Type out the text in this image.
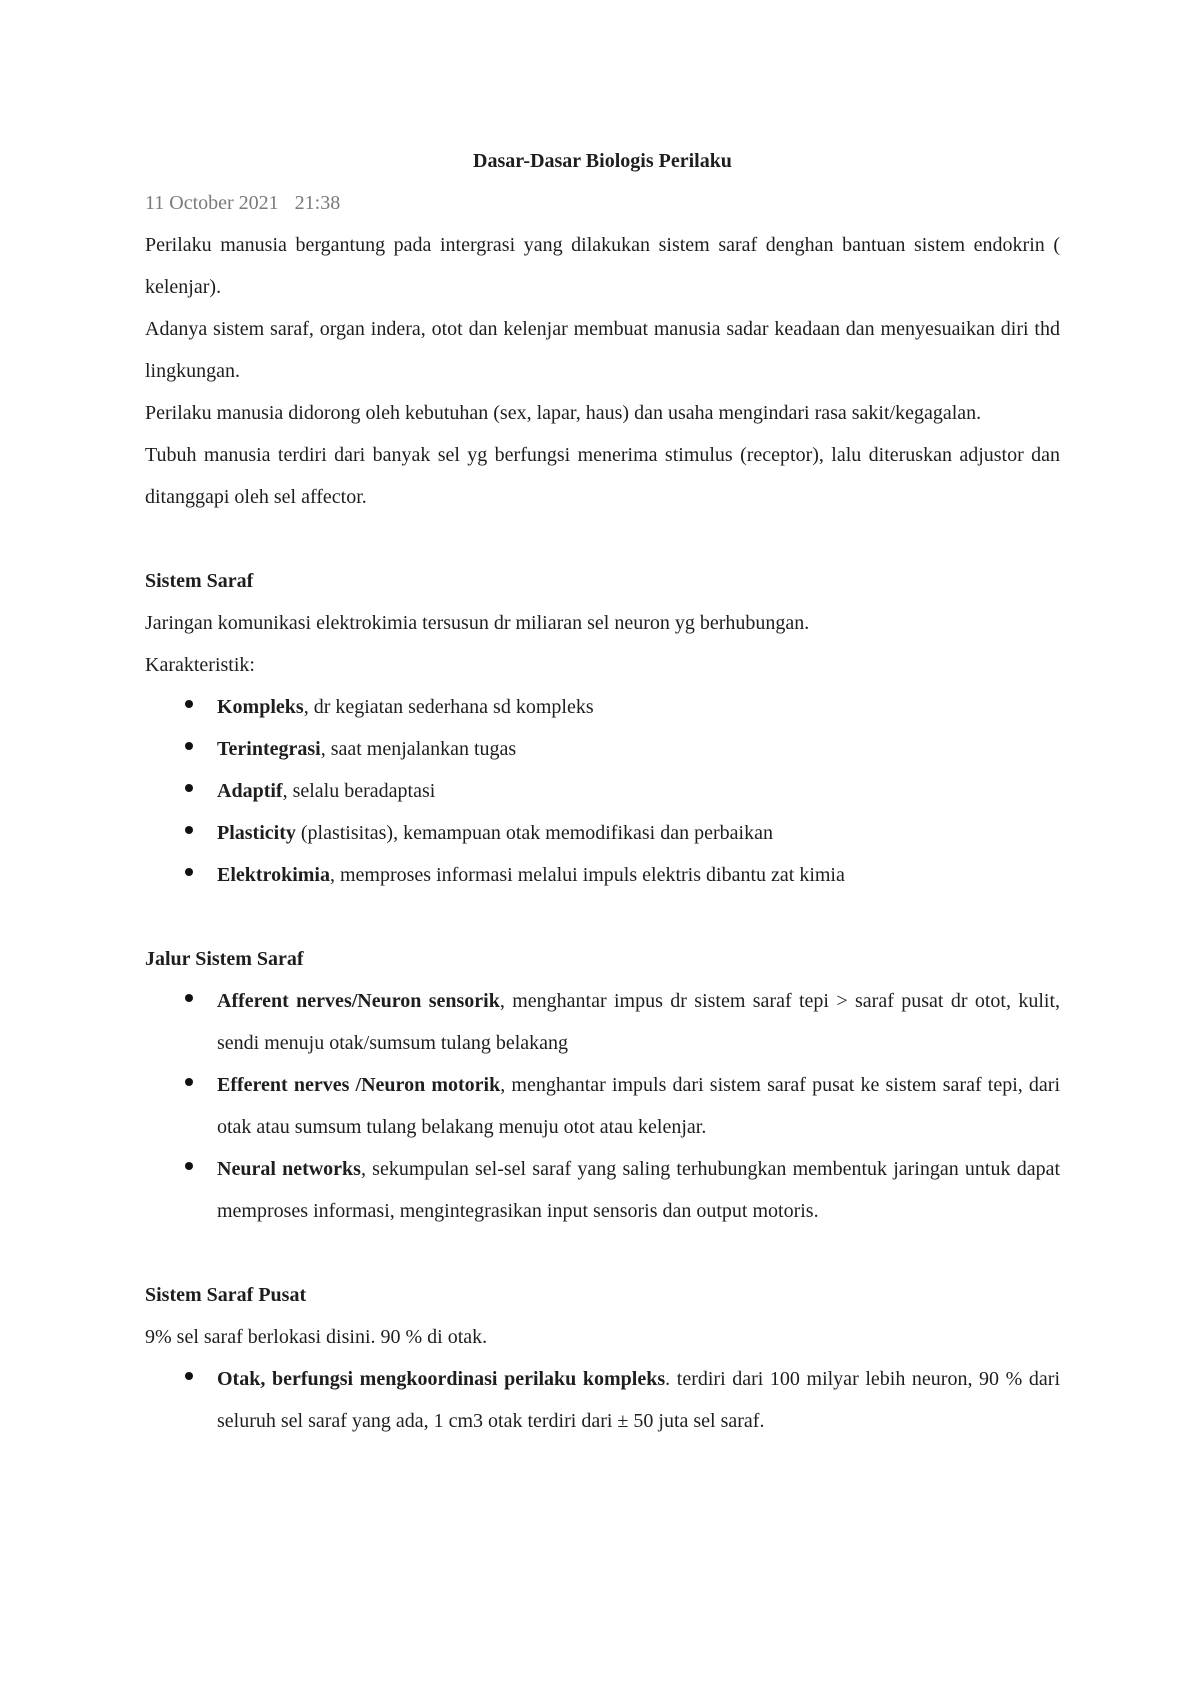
Dasar-Dasar Biologis Perilaku
11 October 2021 21:38

Perilaku manusia bergantung pada intergrasi yang dilakukan sistem saraf denghan bantuan sistem endokrin ( kelenjar).

Adanya sistem saraf, organ indera, otot dan kelenjar membuat manusia sadar keadaan dan menyesuaikan diri thd lingkungan.

Perilaku manusia didorong oleh kebutuhan (sex, lapar, haus) dan usaha mengindari rasa sakit/kegagalan.

Tubuh manusia terdiri dari banyak sel yg berfungsi menerima stimulus (receptor), lalu diteruskan adjustor dan ditanggapi oleh sel affector.

Sistem Saraf

Jaringan komunikasi elektrokimia tersusun dr miliaran sel neuron yg berhubungan.

Karakteristik:

Kompleks, dr kegiatan sederhana sd kompleks
Terintegrasi, saat menjalankan tugas
Adaptif, selalu beradaptasi
Plasticity (plastisitas), kemampuan otak memodifikasi dan perbaikan
Elektrokimia, memproses informasi melalui impuls elektris dibantu zat kimia
Jalur Sistem Saraf
Afferent nerves/Neuron sensorik, menghantar impus dr sistem saraf tepi > saraf pusat dr otot, kulit, sendi menuju otak/sumsum tulang belakang
Efferent nerves /Neuron motorik, menghantar impuls dari sistem saraf pusat ke sistem saraf tepi, dari otak atau sumsum tulang belakang menuju otot atau kelenjar.
Neural networks, sekumpulan sel-sel saraf yang saling terhubungkan membentuk jaringan untuk dapat memproses informasi, mengintegrasikan input sensoris dan output motoris.
Sistem Saraf Pusat

9% sel saraf berlokasi disini. 90 % di otak.

Otak, berfungsi mengkoordinasi perilaku kompleks. terdiri dari 100 milyar lebih neuron, 90 % dari seluruh sel saraf yang ada, 1 cm3 otak terdiri dari ± 50 juta sel saraf.
